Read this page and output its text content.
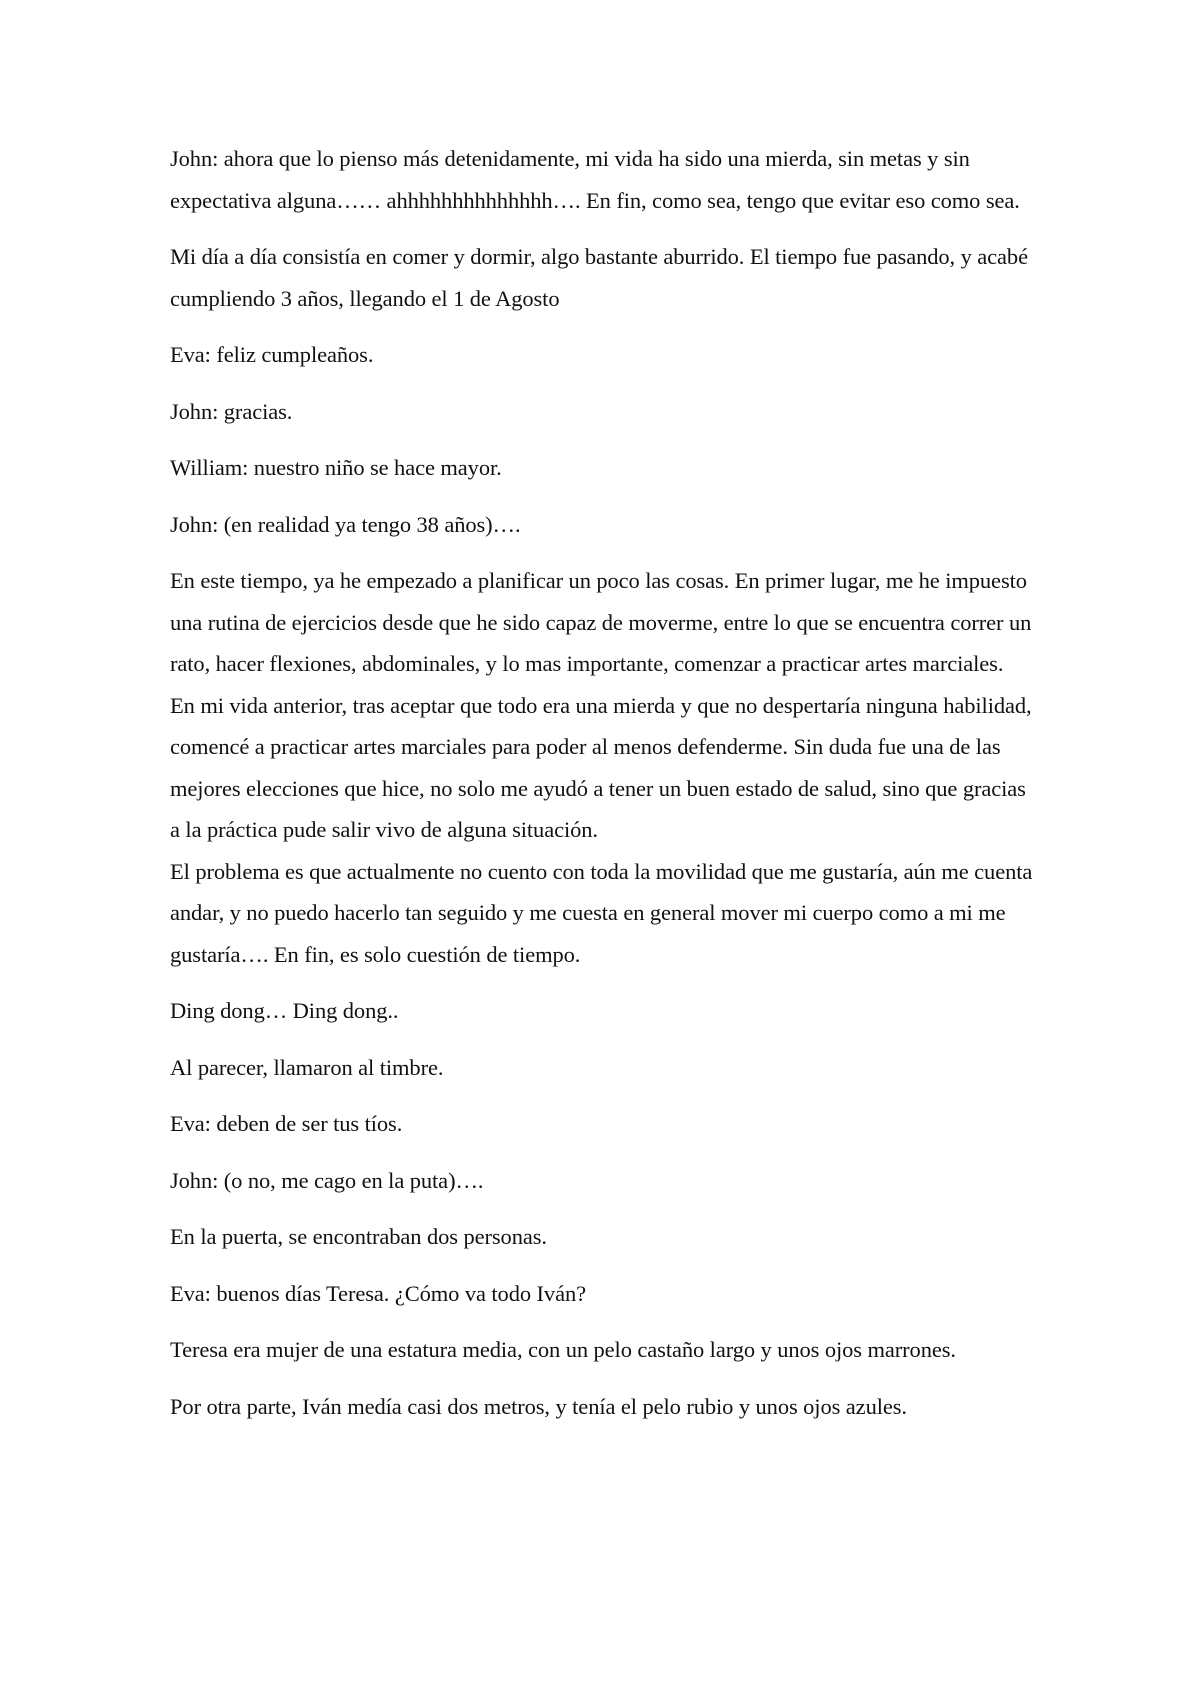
John: ahora que lo pienso más detenidamente, mi vida ha sido una mierda, sin metas y sin expectativa alguna…… ahhhhhhhhhhhhhh…. En fin, como sea, tengo que evitar eso como sea.

Mi día a día consistía en comer y dormir, algo bastante aburrido. El tiempo fue pasando, y acabé cumpliendo 3 años, llegando el 1 de Agosto

Eva: feliz cumpleaños.

John: gracias.

William: nuestro niño se hace mayor.

John: (en realidad ya tengo 38 años)….

En este tiempo, ya he empezado a planificar un poco las cosas. En primer lugar, me he impuesto una rutina de ejercicios desde que he sido capaz de moverme, entre lo que se encuentra correr un rato, hacer flexiones, abdominales, y lo mas importante, comenzar a practicar artes marciales.

En mi vida anterior, tras aceptar que todo era una mierda y que no despertaría ninguna habilidad, comencé a practicar artes marciales para poder al menos defenderme. Sin duda fue una de las mejores elecciones que hice, no solo me ayudó a tener un buen estado de salud, sino que gracias a la práctica pude salir vivo de alguna situación.

El problema es que actualmente no cuento con toda la movilidad que me gustaría, aún me cuenta andar, y no puedo hacerlo tan seguido y me cuesta en general mover mi cuerpo como a mi me gustaría…. En fin, es solo cuestión de tiempo.

Ding dong… Ding dong..

Al parecer, llamaron al timbre.

Eva: deben de ser tus tíos.

John: (o no, me cago en la puta)….

En la puerta, se encontraban dos personas.

Eva: buenos días Teresa. ¿Cómo va todo Iván?

Teresa era mujer de una estatura media, con un pelo castaño largo y unos ojos marrones.

Por otra parte, Iván medía casi dos metros, y tenía el pelo rubio y unos ojos azules.
